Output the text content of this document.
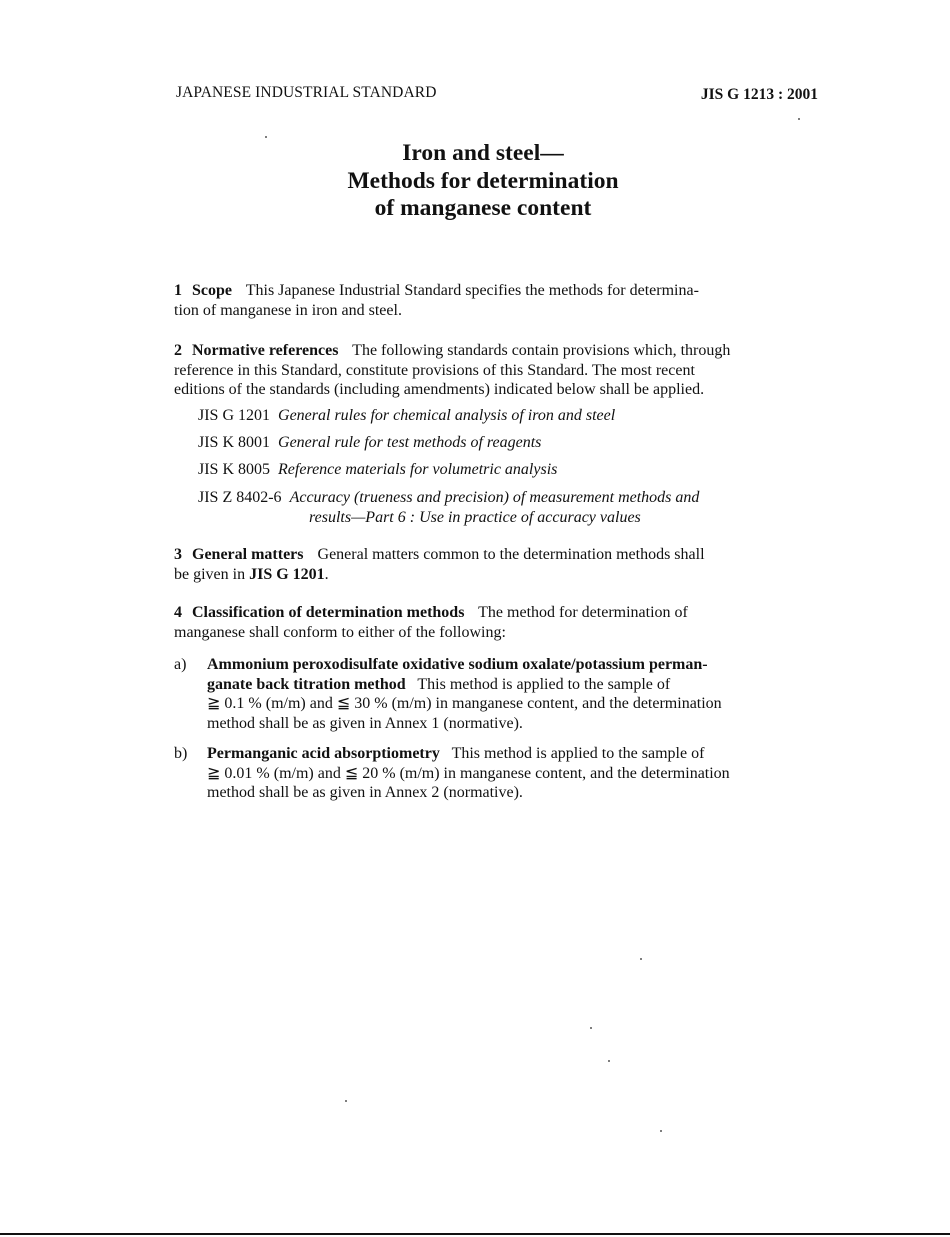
JAPANESE INDUSTRIAL STANDARD	JIS G 1213 : 2001
Iron and steel—
Methods for determination
of manganese content
1 Scope This Japanese Industrial Standard specifies the methods for determina-
tion of manganese in iron and steel.
2 Normative references The following standards contain provisions which, through
reference in this Standard, constitute provisions of this Standard. The most recent
editions of the standards (including amendments) indicated below shall be applied.
JIS G 1201 General rules for chemical analysis of iron and steel
JIS K 8001 General rule for test methods of reagents
JIS K 8005 Reference materials for volumetric analysis
JIS Z 8402-6 Accuracy (trueness and precision) of measurement methods and
results—Part 6 : Use in practice of accuracy values
3 General matters General matters common to the determination methods shall
be given in JIS G 1201.
4 Classification of determination methods The method for determination of
manganese shall conform to either of the following:
a) Ammonium peroxodisulfate oxidative sodium oxalate/potassium perman-
ganate back titration method This method is applied to the sample of
≧ 0.1 % (m/m) and ≦ 30 % (m/m) in manganese content, and the determination
method shall be as given in Annex 1 (normative).
b) Permanganic acid absorptiometry This method is applied to the sample of
≧ 0.01 % (m/m) and ≦ 20 % (m/m) in manganese content, and the determination
method shall be as given in Annex 2 (normative).
